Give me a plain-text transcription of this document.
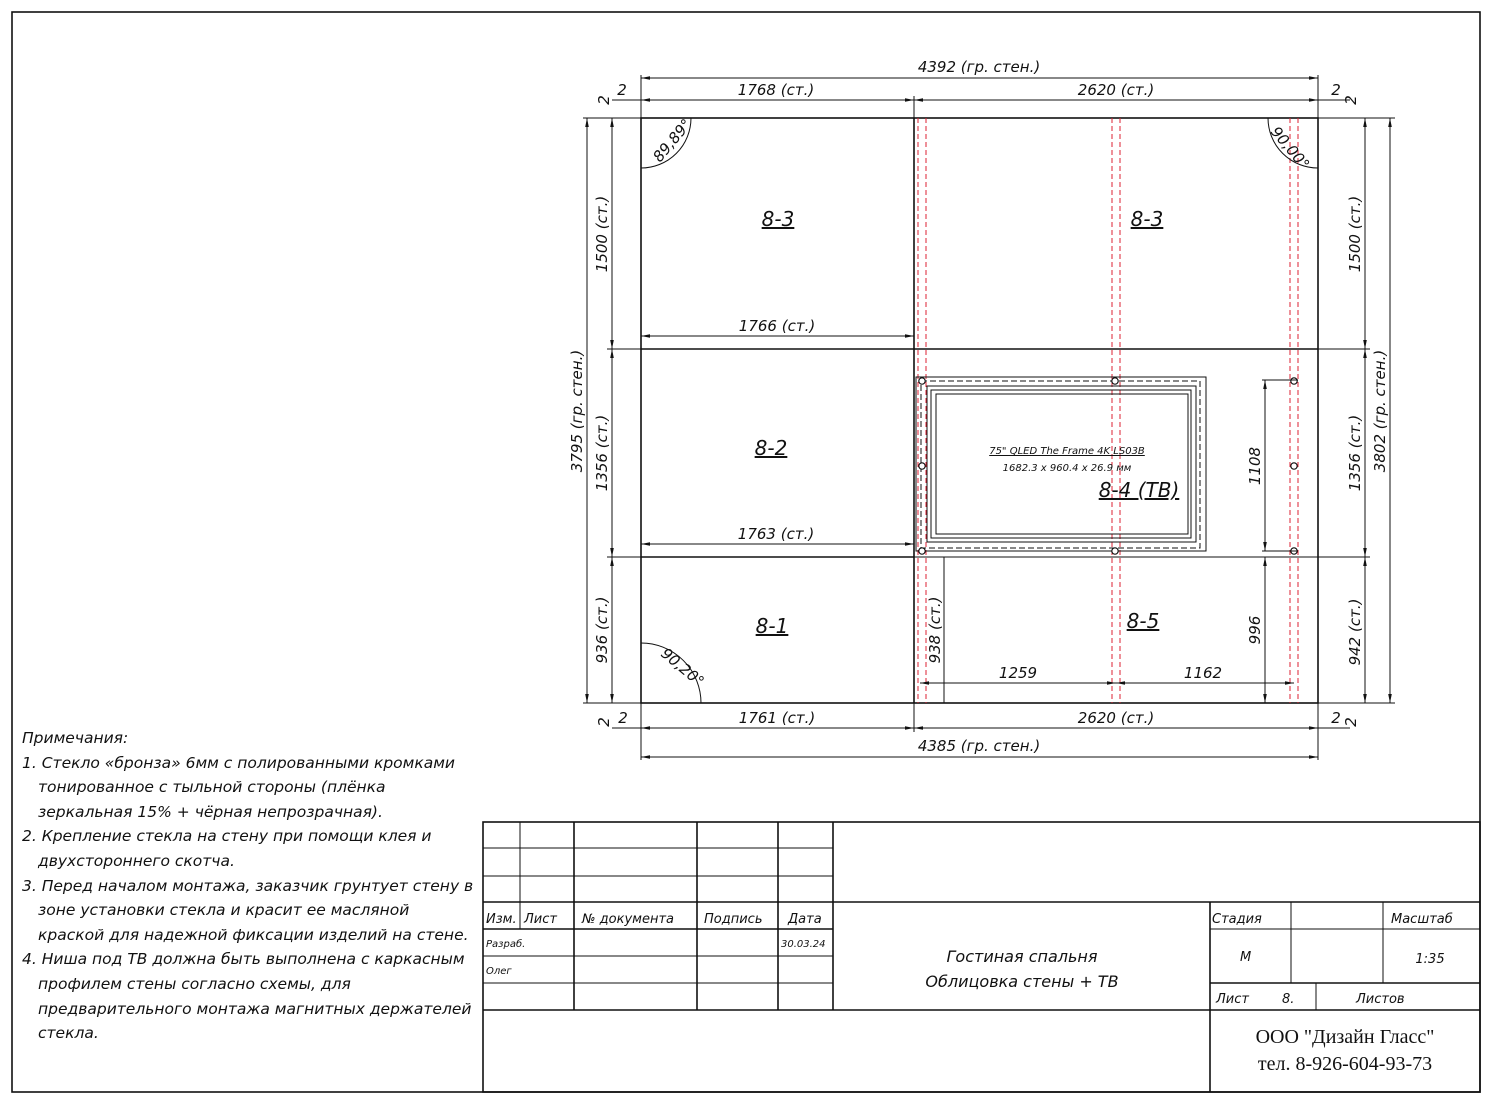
75" QLED The Frame 4K LS03B
1682.3 x 960.4 x 26.9 мм
8-3	8-3
8-2
8-4 (ТВ)
8-1	8-5
89,89°	90,00°
90,20°
4392 (гр. стен.)
1768 (ст.)	2620 (ст.)
2	2
2	2
1761 (ст.)	2620 (ст.)
2	2
2	2
4385 (гр. стен.)
1766 (ст.)
1763 (ст.)
1259	1162
938 (ст.)
1108
996
1500 (ст.)
1356 (ст.)
936 (ст.)
3795 (гр. стен.)
1500 (ст.)
1356 (ст.)
942 (ст.)
3802 (гр. стен.)
Изм. Лист № документа Подпись Дата
Разраб.	30.03.24
Олег
Гостиная спальня
Облицовка стены + ТВ
Стадия	Масштаб
М	1:35
Лист	8.	Листов
ООО "Дизайн Гласс"
тел. 8-926-604-93-73
Примечания:
1. Стекло «бронза» 6мм с полированными кромками тонированное с тыльной стороны (плёнка зеркальная 15% + чёрная непрозрачная).
2. Крепление стекла на стену при помощи клея и двухстороннего скотча.
3. Перед началом монтажа, заказчик грунтует стену в зоне установки стекла и красит ее масляной краской для надежной фиксации изделий на стене.
4. Ниша под ТВ должна быть выполнена с каркасным профилем стены согласно схемы, для предварительного монтажа магнитных держателей стекла.
